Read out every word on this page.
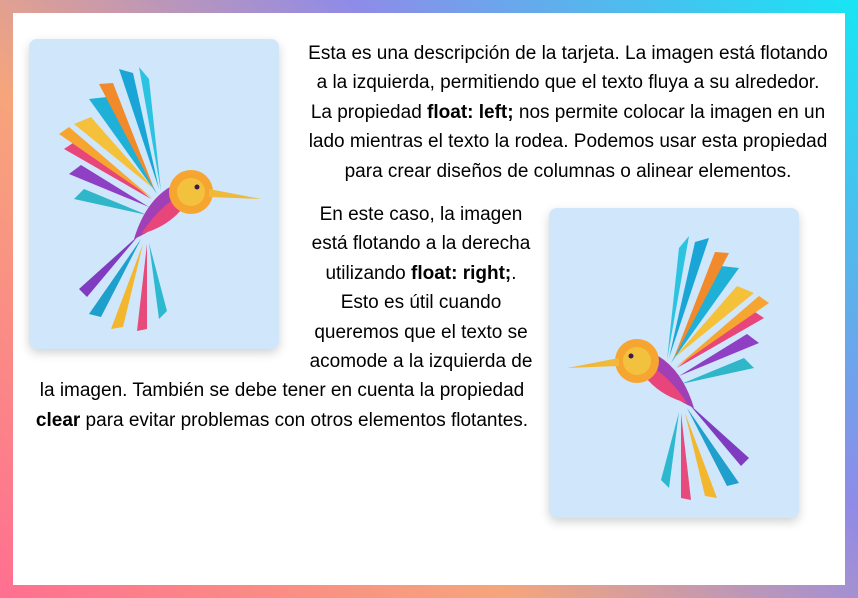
Esta es una descripción de la tarjeta. La imagen está flotando a la izquierda, permitiendo que el texto fluya a su alrededor. La propiedad float: left; nos permite colocar la imagen en un lado mientras el texto la rodea. Podemos usar esta propiedad para crear diseños de columnas o alinear elementos.

En este caso, la imagen está flotando a la derecha utilizando float: right;. Esto es útil cuando queremos que el texto se acomode a la izquierda de la imagen. También se debe tener en cuenta la propiedad clear para evitar problemas con otros elementos flotantes.
